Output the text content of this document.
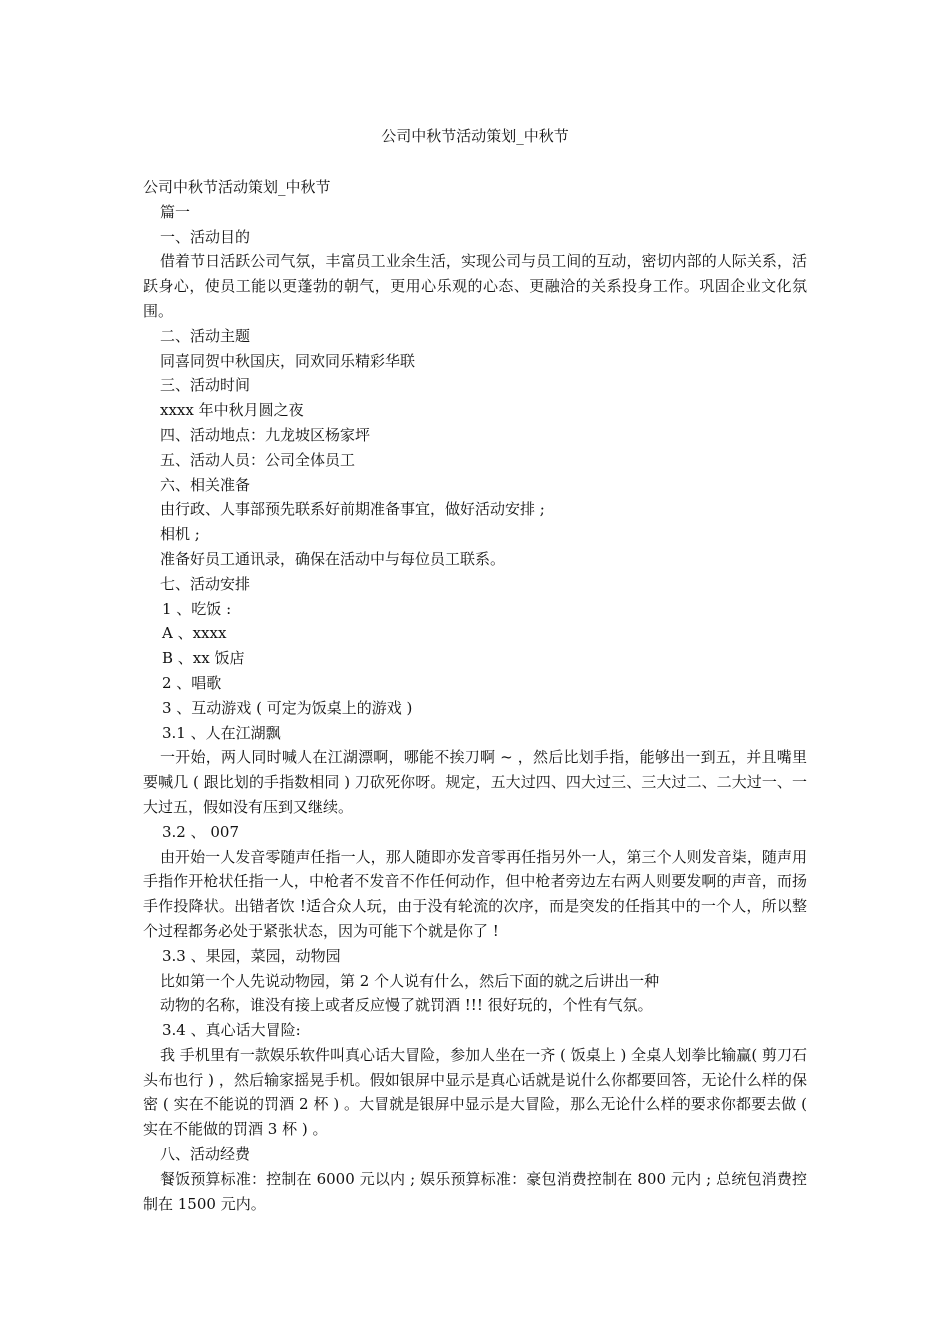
公司中秋节活动策划_中秋节
公司中秋节活动策划_中秋节
篇一
一、活动目的
借着节日活跃公司气氛，丰富员工业余生活，实现公司与员工间的互动，密切内部的人际关系，活跃身心，使员工能以更蓬勃的朝气，更用心乐观的心态、更融洽的关系投身工作。巩固企业文化氛围。
二、活动主题
同喜同贺中秋国庆，同欢同乐精彩华联
三、活动时间
xxxx 年中秋月圆之夜
四、活动地点：九龙坡区杨家坪
五、活动人员：公司全体员工
六、相关准备
由行政、人事部预先联系好前期准备事宜，做好活动安排 ;
相机 ;
准备好员工通讯录，确保在活动中与每位员工联系。
七、活动安排
1 、吃饭 :
A 、xxxx
B 、xx 饭店
2 、唱歌
3 、互动游戏 ( 可定为饭桌上的游戏 )
3.1 、人在江湖飘
一开始，两人同时喊人在江湖漂啊，哪能不挨刀啊 ~ ，然后比划手指，能够出一到五，并且嘴里要喊几 ( 跟比划的手指数相同 ) 刀砍死你呀。规定，五大过四、四大过三、三大过二、二大过一、一大过五，假如没有压到又继续。
3.2 、 007
由开始一人发音零随声任指一人，那人随即亦发音零再任指另外一人，第三个人则发音柒，随声用手指作开枪状任指一人，中枪者不发音不作任何动作，但中枪者旁边左右两人则要发啊的声音，而扬手作投降状。出错者饮 !适合众人玩，由于没有轮流的次序，而是突发的任指其中的一个人，所以整个过程都务必处于紧张状态，因为可能下个就是你了 !
3.3 、果园，菜园，动物园
比如第一个人先说动物园，第 2 个人说有什么，然后下面的就之后讲出一种
动物的名称，谁没有接上或者反应慢了就罚酒 !!! 很好玩的，个性有气氛。
3.4 、真心话大冒险:
我 手机里有一款娱乐软件叫真心话大冒险，参加人坐在一齐 ( 饭桌上 ) 全桌人划拳比输赢( 剪刀石头布也行 ) ，然后输家摇晃手机。假如银屏中显示是真心话就是说什么你都要回答，无论什么样的保密 ( 实在不能说的罚酒 2 杯 ) 。大冒就是银屏中显示是大冒险，那么无论什么样的要求你都要去做 ( 实在不能做的罚酒 3 杯 ) 。
八、活动经费
餐饭预算标准：控制在 6000 元以内 ; 娱乐预算标准：豪包消费控制在 800 元内 ; 总统包消费控制在 1500 元内。
